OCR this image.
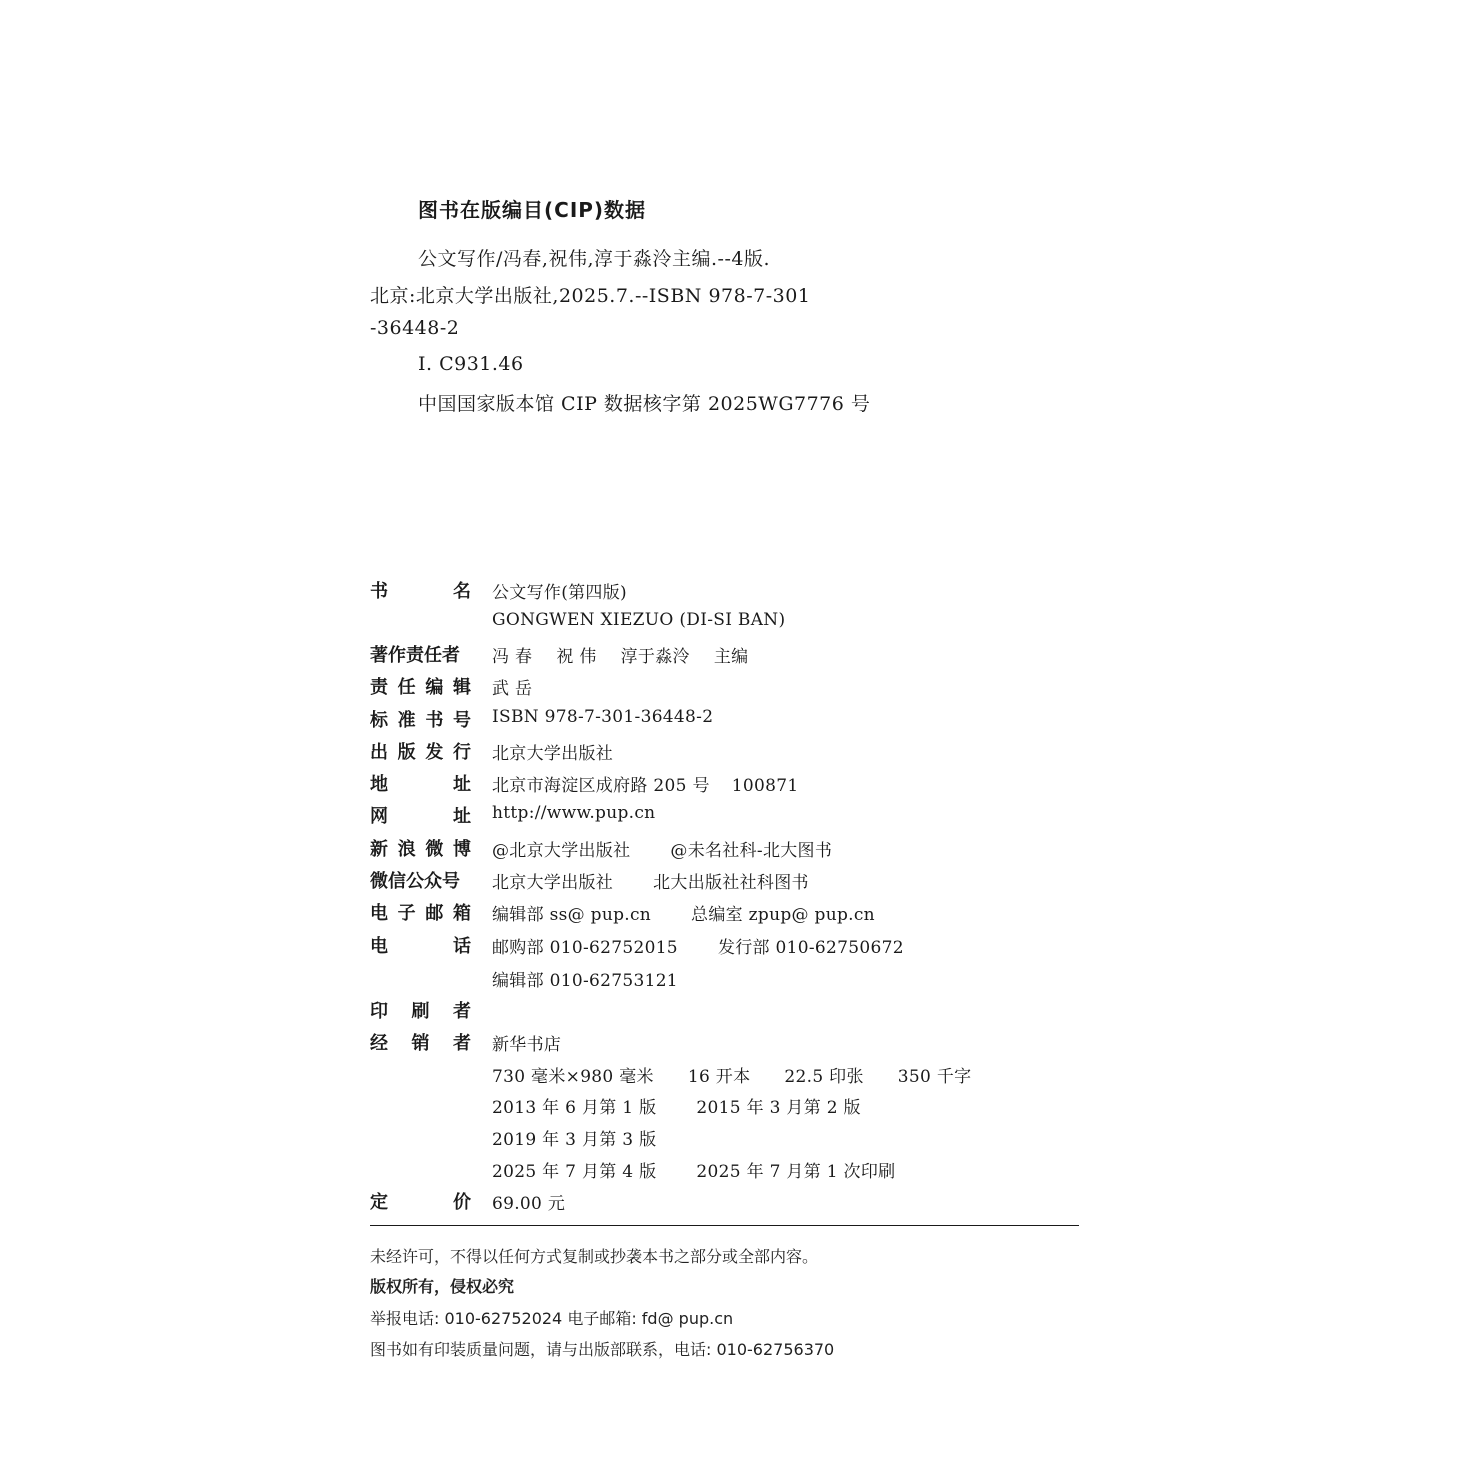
图书在版编目(CIP)数据
公文写作/冯春,祝伟,淳于淼泠主编.--4版.
北京:北京大学出版社,2025.7.--ISBN 978-7-301
-36448-2
Ⅰ. C931.46
中国国家版本馆 CIP 数据核字第 2025WG7776 号
书	名 公文写作(第四版)
GONGWEN XIEZUO (DI-SI BAN)
著作责任者	冯 春 祝 伟 淳于淼泠 主编
责 任 编 辑 武 岳
标 准 书 号 ISBN 978-7-301-36448-2
出 版 发 行 北京大学出版社
地	址 北京市海淀区成府路 205 号 100871
网	址 http://www.pup.cn
新 浪 微 博 @北京大学出版社 @未名社科-北大图书
微信公众号	北京大学出版社 北大出版社社科图书
电 子 邮 箱 编辑部 ss@ pup.cn 总编室 zpup@ pup.cn
电	话 邮购部 010-62752015 发行部 010-62750672
编辑部 010-62753121
印 刷 者
经 销 者 新华书店
730 毫米×980 毫米 16 开本 22.5 印张 350 千字
2013 年 6 月第 1 版 2015 年 3 月第 2 版
2019 年 3 月第 3 版
2025 年 7 月第 4 版 2025 年 7 月第 1 次印刷
定	价 69.00 元
未经许可，不得以任何方式复制或抄袭本书之部分或全部内容。
版权所有，侵权必究
举报电话: 010-62752024 电子邮箱: fd@ pup.cn
图书如有印装质量问题，请与出版部联系，电话: 010-62756370
